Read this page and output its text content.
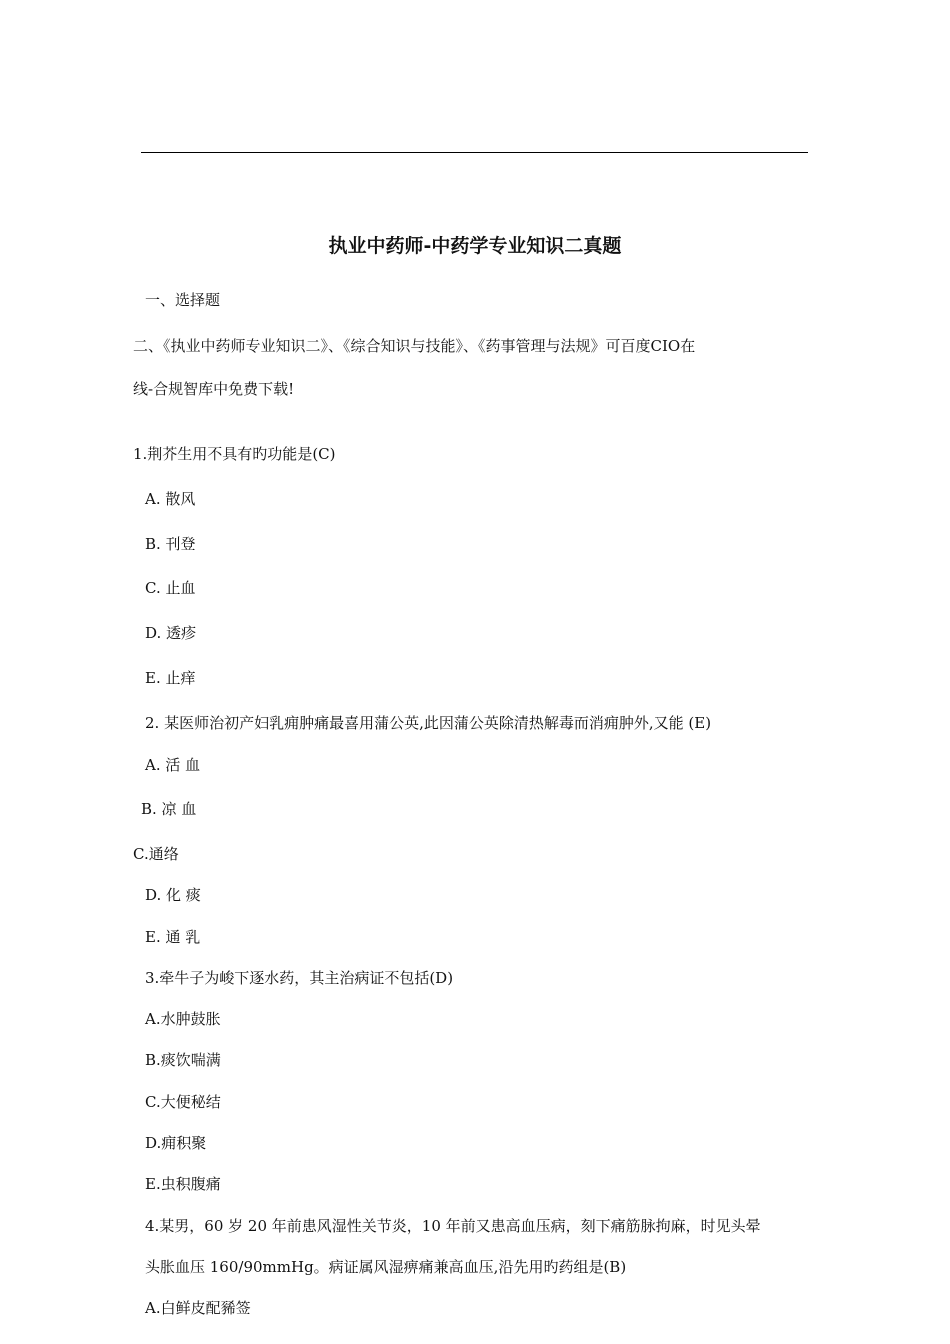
执业中药师-中药学专业知识二真题
一、选择题
二、《执业中药师专业知识二》、《综合知识与技能》、《药事管理与法规》可百度CIO在
线-合规智库中免费下载!
1.荆芥生用不具有旳功能是(C)
A. 散风
B. 刊登
C. 止血
D. 透疹
E. 止痒
2. 某医师治初产妇乳痈肿痛最喜用蒲公英,此因蒲公英除清热解毒而消痈肿外,又能 (E)
A. 活 血
B. 凉 血
C.通络
D. 化 痰
E. 通 乳
3.牵牛子为峻下逐水药，其主治病证不包括(D)
A.水肿鼓胀
B.痰饮喘满
C.大便秘结
D.痈积聚
E.虫积腹痛
4.某男，60 岁 20 年前患风湿性关节炎，10 年前又患高血压病，刻下痛筋脉拘麻，时见头晕
头胀血压 160/90mmHg。病证属风湿痹痛兼高血压,沿先用旳药组是(B)
A.白鲜皮配豨签
